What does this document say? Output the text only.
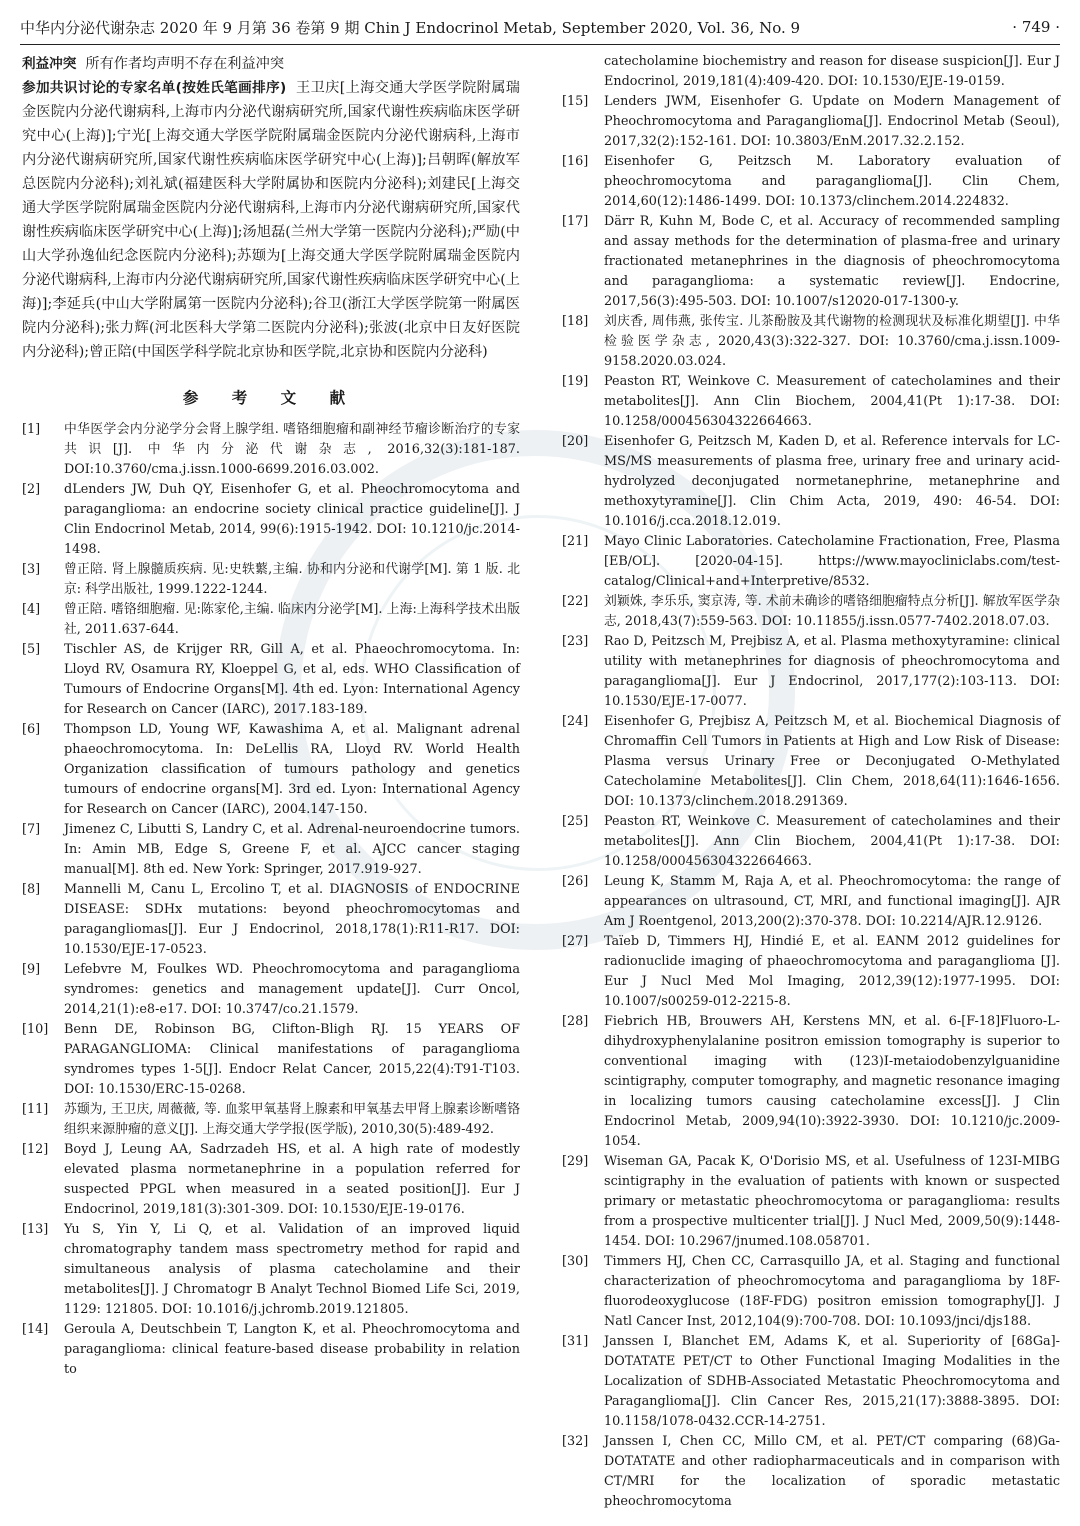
中华内分泌代谢杂志 2020 年 9 月第 36 卷第 9 期 Chin J Endocrinol Metab, September 2020, Vol. 36, No. 9	· 749 ·

利益冲突 所有作者均声明不存在利益冲突

参加共识讨论的专家名单(按姓氏笔画排序) 王卫庆[上海交通大学医学院附属瑞金医院内分泌代谢病科,上海市内分泌代谢病研究所,国家代谢性疾病临床医学研究中心(上海)];宁光[上海交通大学医学院附属瑞金医院内分泌代谢病科,上海市内分泌代谢病研究所,国家代谢性疾病临床医学研究中心(上海)];吕朝晖(解放军总医院内分泌科);刘礼斌(福建医科大学附属协和医院内分泌科);刘建民[上海交通大学医学院附属瑞金医院内分泌代谢病科,上海市内分泌代谢病研究所,国家代谢性疾病临床医学研究中心(上海)];汤旭磊(兰州大学第一医院内分泌科);严励(中山大学孙逸仙纪念医院内分泌科);苏颋为[上海交通大学医学院附属瑞金医院内分泌代谢病科,上海市内分泌代谢病研究所,国家代谢性疾病临床医学研究中心(上海)];李延兵(中山大学附属第一医院内分泌科);谷卫(浙江大学医学院第一附属医院内分泌科);张力辉(河北医科大学第二医院内分泌科);张波(北京中日友好医院内分泌科);曾正陪(中国医学科学院北京协和医学院,北京协和医院内分泌科)

参 考 文 献
[1]	中华医学会内分泌学分会肾上腺学组. 嗜铬细胞瘤和副神经节瘤诊断治疗的专家共识[J]. 中华内分泌代谢杂志, 2016,32(3):181-187. DOI:10.3760/cma.j.issn.1000-6699.2016.03.002.
[2]	dLenders JW, Duh QY, Eisenhofer G, et al. Pheochromocytoma and paraganglioma: an endocrine society clinical practice guideline[J]. J Clin Endocrinol Metab, 2014, 99(6):1915-1942. DOI: 10.1210/jc.2014-1498.
[3]	曾正陪. 肾上腺髓质疾病. 见:史轶蘩,主编. 协和内分泌和代谢学[M]. 第 1 版. 北京: 科学出版社, 1999.1222-1244.
[4]	曾正陪. 嗜铬细胞瘤. 见:陈家伦,主编. 临床内分泌学[M]. 上海:上海科学技术出版社, 2011.637-644.
[5]	Tischler AS, de Krijger RR, Gill A, et al. Phaeochromocytoma. In: Lloyd RV, Osamura RY, Kloeppel G, et al, eds. WHO Classification of Tumours of Endocrine Organs[M]. 4th ed. Lyon: International Agency for Research on Cancer (IARC), 2017.183-189.
[6]	Thompson LD, Young WF, Kawashima A, et al. Malignant adrenal phaeochromocytoma. In: DeLellis RA, Lloyd RV. World Health Organization classification of tumours pathology and genetics tumours of endocrine organs[M]. 3rd ed. Lyon: International Agency for Research on Cancer (IARC), 2004.147-150.
[7]	Jimenez C, Libutti S, Landry C, et al. Adrenal-neuroendocrine tumors. In: Amin MB, Edge S, Greene F, et al. AJCC cancer staging manual[M]. 8th ed. New York: Springer, 2017.919-927.
[8]	Mannelli M, Canu L, Ercolino T, et al. DIAGNOSIS of ENDOCRINE DISEASE: SDHx mutations: beyond pheochromocytomas and paragangliomas[J]. Eur J Endocrinol, 2018,178(1):R11-R17. DOI: 10.1530/EJE-17-0523.
[9]	Lefebvre M, Foulkes WD. Pheochromocytoma and paraganglioma syndromes: genetics and management update[J]. Curr Oncol, 2014,21(1):e8-e17. DOI: 10.3747/co.21.1579.
[10]	Benn DE, Robinson BG, Clifton-Bligh RJ. 15 YEARS OF PARAGANGLIOMA: Clinical manifestations of paraganglioma syndromes types 1-5[J]. Endocr Relat Cancer, 2015,22(4):T91-T103. DOI: 10.1530/ERC-15-0268.
[11]	苏颋为, 王卫庆, 周薇薇, 等. 血浆甲氧基肾上腺素和甲氧基去甲肾上腺素诊断嗜铬组织来源肿瘤的意义[J]. 上海交通大学学报(医学版), 2010,30(5):489-492.
[12]	Boyd J, Leung AA, Sadrzadeh HS, et al. A high rate of modestly elevated plasma normetanephrine in a population referred for suspected PPGL when measured in a seated position[J]. Eur J Endocrinol, 2019,181(3):301-309. DOI: 10.1530/EJE-19-0176.
[13]	Yu S, Yin Y, Li Q, et al. Validation of an improved liquid chromatography tandem mass spectrometry method for rapid and simultaneous analysis of plasma catecholamine and their metabolites[J]. J Chromatogr B Analyt Technol Biomed Life Sci, 2019, 1129: 121805. DOI: 10.1016/j.jchromb.2019.121805.
[14]	Geroula A, Deutschbein T, Langton K, et al. Pheochromocytoma and paraganglioma: clinical feature-based disease probability in relation to
catecholamine biochemistry and reason for disease suspicion[J]. Eur J Endocrinol, 2019,181(4):409-420. DOI: 10.1530/EJE-19-0159.
[15]	Lenders JWM, Eisenhofer G. Update on Modern Management of Pheochromocytoma and Paraganglioma[J]. Endocrinol Metab (Seoul), 2017,32(2):152-161. DOI: 10.3803/EnM.2017.32.2.152.
[16]	Eisenhofer G, Peitzsch M. Laboratory evaluation of pheochromocytoma and paraganglioma[J]. Clin Chem, 2014,60(12):1486-1499. DOI: 10.1373/clinchem.2014.224832.
[17]	Därr R, Kuhn M, Bode C, et al. Accuracy of recommended sampling and assay methods for the determination of plasma-free and urinary fractionated metanephrines in the diagnosis of pheochromocytoma and paraganglioma: a systematic review[J]. Endocrine, 2017,56(3):495-503. DOI: 10.1007/s12020-017-1300-y.
[18]	刘庆香, 周伟燕, 张传宝. 儿茶酚胺及其代谢物的检测现状及标准化期望[J]. 中华检验医学杂志, 2020,43(3):322-327. DOI: 10.3760/cma.j.issn.1009-9158.2020.03.024.
[19]	Peaston RT, Weinkove C. Measurement of catecholamines and their metabolites[J]. Ann Clin Biochem, 2004,41(Pt 1):17-38. DOI: 10.1258/000456304322664663.
[20]	Eisenhofer G, Peitzsch M, Kaden D, et al. Reference intervals for LC-MS/MS measurements of plasma free, urinary free and urinary acid-hydrolyzed deconjugated normetanephrine, metanephrine and methoxytyramine[J]. Clin Chim Acta, 2019, 490: 46-54. DOI: 10.1016/j.cca.2018.12.019.
[21]	Mayo Clinic Laboratories. Catecholamine Fractionation, Free, Plasma [EB/OL]. [2020-04-15]. https://www.mayocliniclabs.com/test-catalog/Clinical+and+Interpretive/8532.
[22]	刘颖姝, 李乐乐, 窦京涛, 等. 术前未确诊的嗜铬细胞瘤特点分析[J]. 解放军医学杂志, 2018,43(7):559-563. DOI: 10.11855/j.issn.0577-7402.2018.07.03.
[23]	Rao D, Peitzsch M, Prejbisz A, et al. Plasma methoxytyramine: clinical utility with metanephrines for diagnosis of pheochromocytoma and paraganglioma[J]. Eur J Endocrinol, 2017,177(2):103-113. DOI: 10.1530/EJE-17-0077.
[24]	Eisenhofer G, Prejbisz A, Peitzsch M, et al. Biochemical Diagnosis of Chromaffin Cell Tumors in Patients at High and Low Risk of Disease: Plasma versus Urinary Free or Deconjugated O-Methylated Catecholamine Metabolites[J]. Clin Chem, 2018,64(11):1646-1656. DOI: 10.1373/clinchem.2018.291369.
[25]	Peaston RT, Weinkove C. Measurement of catecholamines and their metabolites[J]. Ann Clin Biochem, 2004,41(Pt 1):17-38. DOI: 10.1258/000456304322664663.
[26]	Leung K, Stamm M, Raja A, et al. Pheochromocytoma: the range of appearances on ultrasound, CT, MRI, and functional imaging[J]. AJR Am J Roentgenol, 2013,200(2):370-378. DOI: 10.2214/AJR.12.9126.
[27]	Taïeb D, Timmers HJ, Hindié E, et al. EANM 2012 guidelines for radionuclide imaging of phaeochromocytoma and paraganglioma [J]. Eur J Nucl Med Mol Imaging, 2012,39(12):1977-1995. DOI: 10.1007/s00259-012-2215-8.
[28]	Fiebrich HB, Brouwers AH, Kerstens MN, et al. 6-[F-18]Fluoro-L-dihydroxyphenylalanine positron emission tomography is superior to conventional imaging with (123)I-metaiodobenzylguanidine scintigraphy, computer tomography, and magnetic resonance imaging in localizing tumors causing catecholamine excess[J]. J Clin Endocrinol Metab, 2009,94(10):3922-3930. DOI: 10.1210/jc.2009-1054.
[29]	Wiseman GA, Pacak K, O'Dorisio MS, et al. Usefulness of 123I-MIBG scintigraphy in the evaluation of patients with known or suspected primary or metastatic pheochromocytoma or paraganglioma: results from a prospective multicenter trial[J]. J Nucl Med, 2009,50(9):1448-1454. DOI: 10.2967/jnumed.108.058701.
[30]	Timmers HJ, Chen CC, Carrasquillo JA, et al. Staging and functional characterization of pheochromocytoma and paraganglioma by 18F-fluorodeoxyglucose (18F-FDG) positron emission tomography[J]. J Natl Cancer Inst, 2012,104(9):700-708. DOI: 10.1093/jnci/djs188.
[31]	Janssen I, Blanchet EM, Adams K, et al. Superiority of [68Ga]-DOTATATE PET/CT to Other Functional Imaging Modalities in the Localization of SDHB-Associated Metastatic Pheochromocytoma and Paraganglioma[J]. Clin Cancer Res, 2015,21(17):3888-3895. DOI: 10.1158/1078-0432.CCR-14-2751.
[32]	Janssen I, Chen CC, Millo CM, et al. PET/CT comparing (68)Ga-DOTATATE and other radiopharmaceuticals and in comparison with CT/MRI for the localization of sporadic metastatic pheochromocytoma
